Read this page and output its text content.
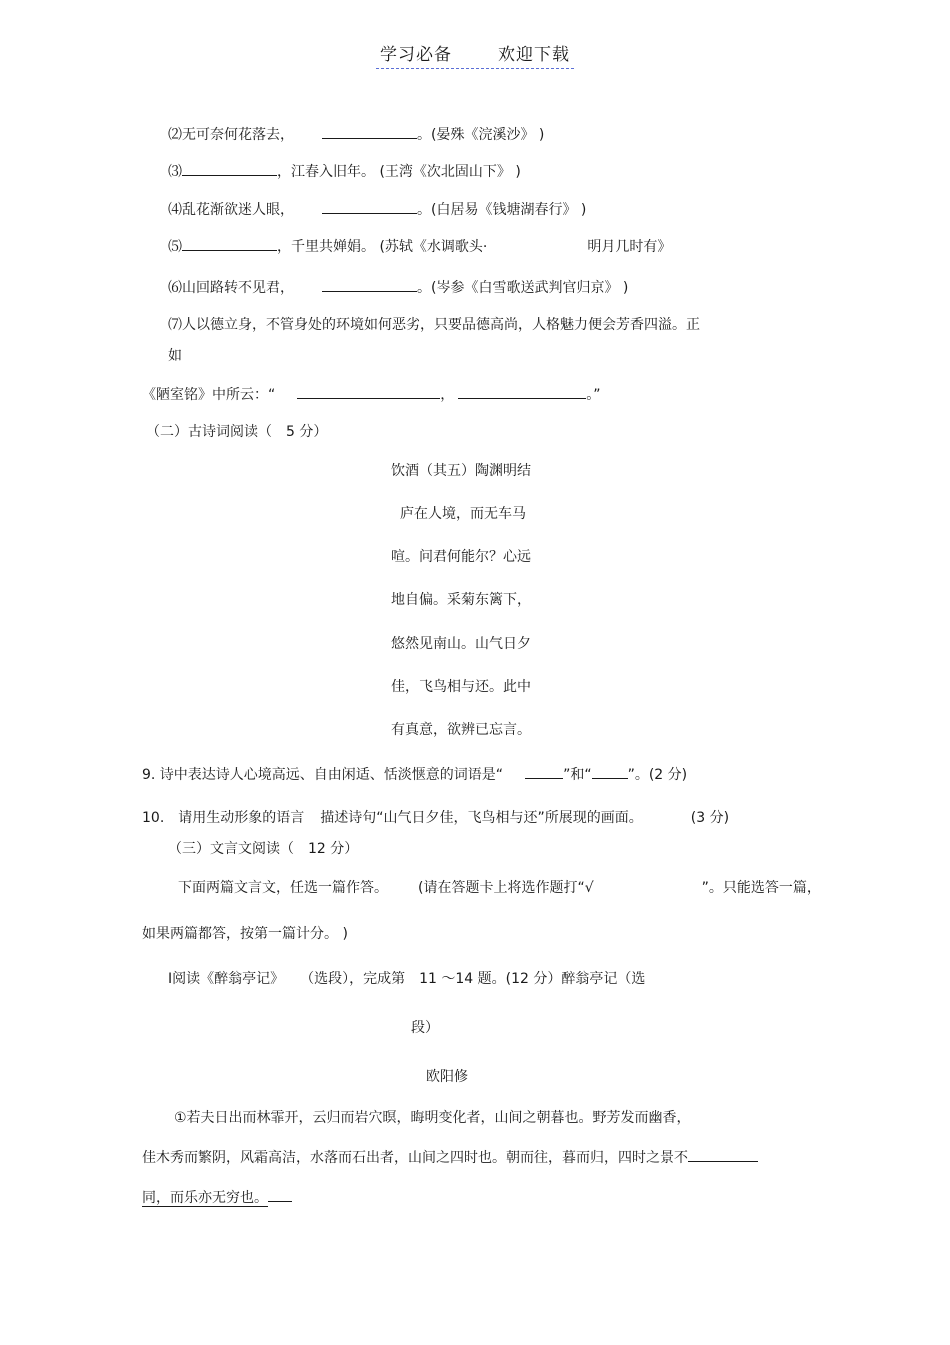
学习必备	欢迎下载
⑵无可奈何花落去，	。(晏殊《浣溪沙》 )
⑶	，江春入旧年。 (王湾《次北固山下》 )
⑷乱花渐欲迷人眼，	。(白居易《钱塘湖春行》 )
⑸	，千里共婵娟。 (苏轼《水调歌头·	明月几时有》
⑹山回路转不见君，	。(岑参《白雪歌送武判官归京》 )
⑺人以德立身，不管身处的环境如何恶劣，只要品德高尚，人格魅力便会芳香四溢。正
如
《陋室铭》中所云：“	，	。”
（二）古诗词阅读（ 5 分）
饮酒（其五）陶渊明结
庐在人境，而无车马
喧。问君何能尔？心远
地自偏。采菊东篱下，
悠然见南山。山气日夕
佳，飞鸟相与还。此中
有真意，欲辨已忘言。
9. 诗中表达诗人心境高远、自由闲适、恬淡惬意的词语是“	”和“	”。(2 分)
10. 请用生动形象的语言 描述诗句“山气日夕佳，飞鸟相与还”所展现的画面。	(3 分)
（三）文言文阅读（ 12 分）
下面两篇文言文，任选一篇作答。 (请在答题卡上将选作题打“√	”。只能选答一篇，
如果两篇都答，按第一篇计分。 )
Ⅰ阅读《醉翁亭记》 （选段），完成第 11 ～14 题。(12 分）醉翁亭记（选
段）
欧阳修
①若夫日出而林霏开，云归而岩穴暝，晦明变化者，山间之朝暮也。野芳发而幽香，
佳木秀而繁阴，风霜高洁，水落而石出者，山间之四时也。朝而往，暮而归，四时之景不
同，而乐亦无穷也。
